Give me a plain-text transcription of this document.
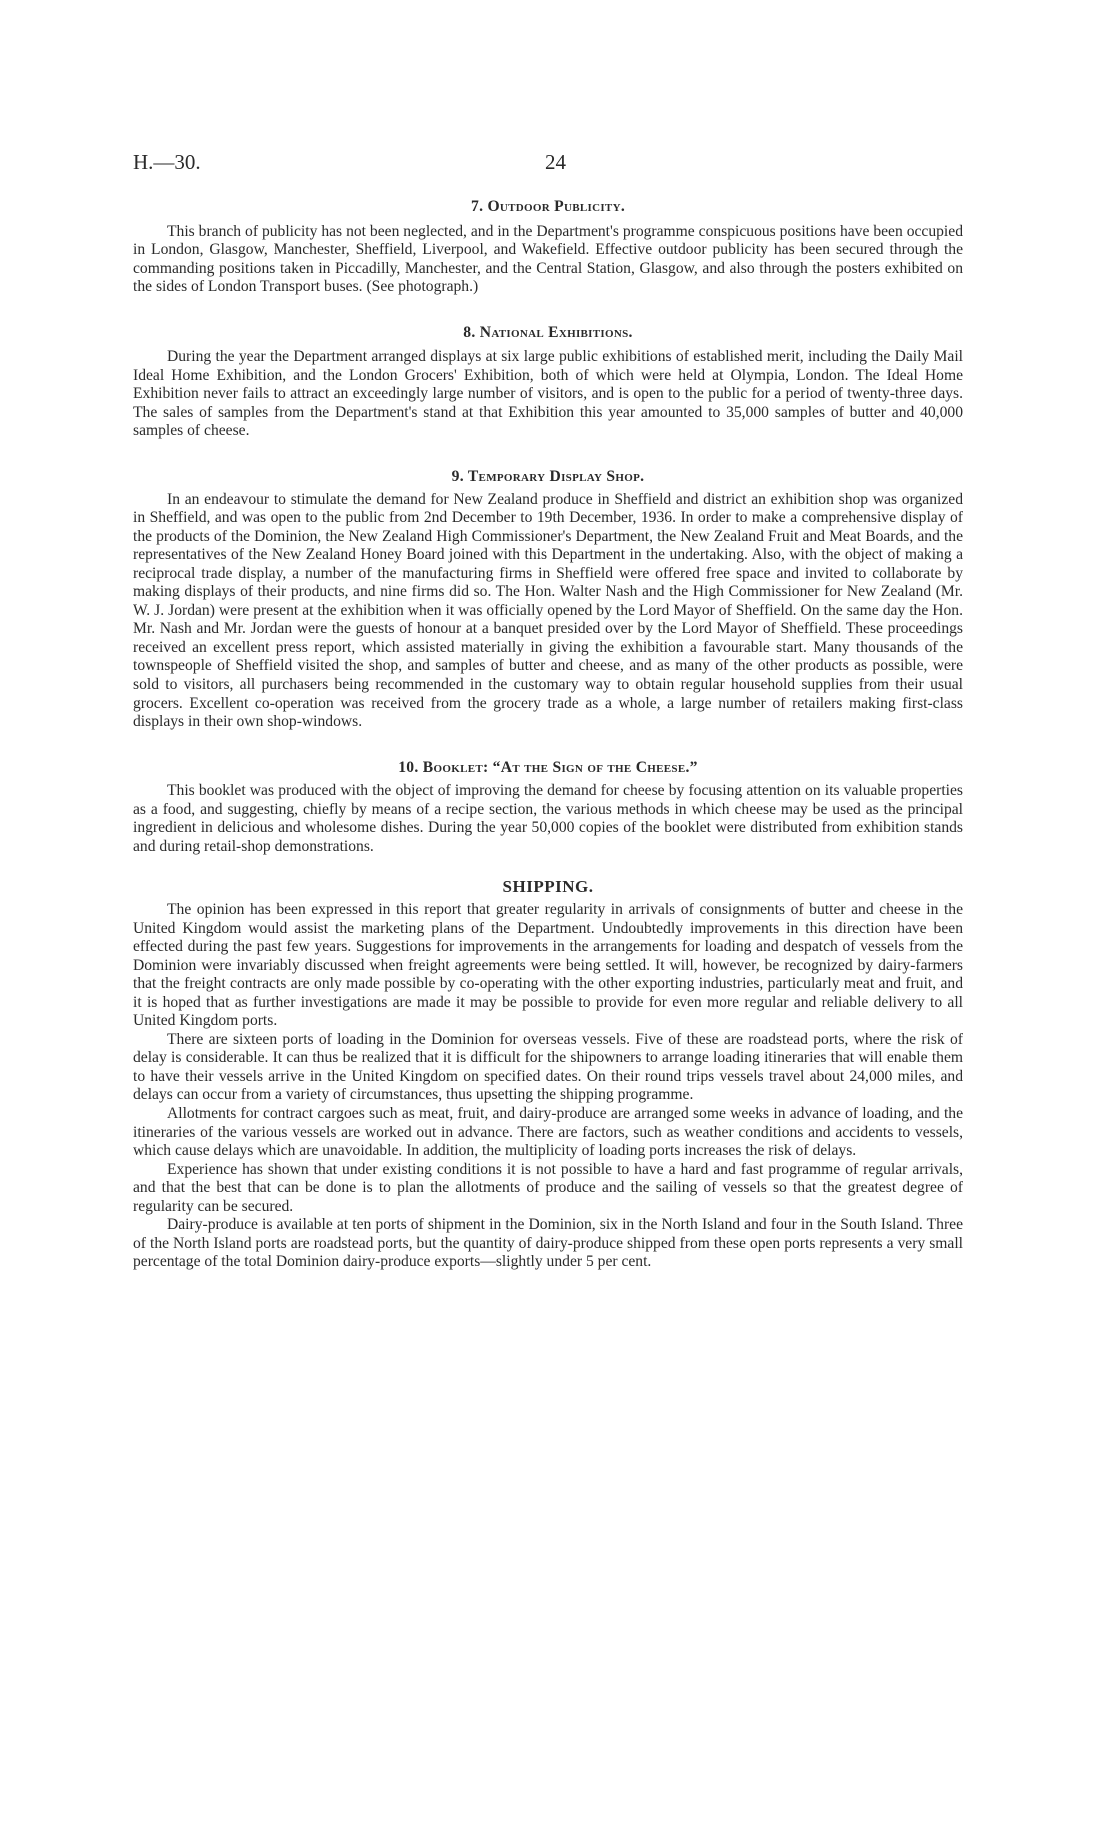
H.—30.	24
7. Outdoor Publicity.

This branch of publicity has not been neglected, and in the Department's programme conspicuous positions have been occupied in London, Glasgow, Manchester, Sheffield, Liverpool, and Wakefield. Effective outdoor publicity has been secured through the commanding positions taken in Piccadilly, Manchester, and the Central Station, Glasgow, and also through the posters exhibited on the sides of London Transport buses. (See photograph.)

8. National Exhibitions.

During the year the Department arranged displays at six large public exhibitions of established merit, including the Daily Mail Ideal Home Exhibition, and the London Grocers' Exhibition, both of which were held at Olympia, London. The Ideal Home Exhibition never fails to attract an exceedingly large number of visitors, and is open to the public for a period of twenty-three days. The sales of samples from the Department's stand at that Exhibition this year amounted to 35,000 samples of butter and 40,000 samples of cheese.

9. Temporary Display Shop.

In an endeavour to stimulate the demand for New Zealand produce in Sheffield and district an exhibition shop was organized in Sheffield, and was open to the public from 2nd December to 19th December, 1936. In order to make a comprehensive display of the products of the Dominion, the New Zealand High Commissioner's Department, the New Zealand Fruit and Meat Boards, and the representatives of the New Zealand Honey Board joined with this Department in the undertaking. Also, with the object of making a reciprocal trade display, a number of the manufacturing firms in Sheffield were offered free space and invited to collaborate by making displays of their products, and nine firms did so. The Hon. Walter Nash and the High Commissioner for New Zealand (Mr. W. J. Jordan) were present at the exhibition when it was officially opened by the Lord Mayor of Sheffield. On the same day the Hon. Mr. Nash and Mr. Jordan were the guests of honour at a banquet presided over by the Lord Mayor of Sheffield. These proceedings received an excellent press report, which assisted materially in giving the exhibition a favourable start. Many thousands of the townspeople of Sheffield visited the shop, and samples of butter and cheese, and as many of the other products as possible, were sold to visitors, all purchasers being recommended in the customary way to obtain regular household supplies from their usual grocers. Excellent co-operation was received from the grocery trade as a whole, a large number of retailers making first-class displays in their own shop-windows.

10. Booklet: “At the Sign of the Cheese.”

This booklet was produced with the object of improving the demand for cheese by focusing attention on its valuable properties as a food, and suggesting, chiefly by means of a recipe section, the various methods in which cheese may be used as the principal ingredient in delicious and wholesome dishes. During the year 50,000 copies of the booklet were distributed from exhibition stands and during retail-shop demonstrations.

SHIPPING.

The opinion has been expressed in this report that greater regularity in arrivals of consignments of butter and cheese in the United Kingdom would assist the marketing plans of the Department. Undoubtedly improvements in this direction have been effected during the past few years. Suggestions for improvements in the arrangements for loading and despatch of vessels from the Dominion were invariably discussed when freight agreements were being settled. It will, however, be recognized by dairy-farmers that the freight contracts are only made possible by co-operating with the other exporting industries, particularly meat and fruit, and it is hoped that as further investigations are made it may be possible to provide for even more regular and reliable delivery to all United Kingdom ports.

There are sixteen ports of loading in the Dominion for overseas vessels. Five of these are roadstead ports, where the risk of delay is considerable. It can thus be realized that it is difficult for the shipowners to arrange loading itineraries that will enable them to have their vessels arrive in the United Kingdom on specified dates. On their round trips vessels travel about 24,000 miles, and delays can occur from a variety of circumstances, thus upsetting the shipping programme.

Allotments for contract cargoes such as meat, fruit, and dairy-produce are arranged some weeks in advance of loading, and the itineraries of the various vessels are worked out in advance. There are factors, such as weather conditions and accidents to vessels, which cause delays which are unavoidable. In addition, the multiplicity of loading ports increases the risk of delays.

Experience has shown that under existing conditions it is not possible to have a hard and fast programme of regular arrivals, and that the best that can be done is to plan the allotments of produce and the sailing of vessels so that the greatest degree of regularity can be secured.

Dairy-produce is available at ten ports of shipment in the Dominion, six in the North Island and four in the South Island. Three of the North Island ports are roadstead ports, but the quantity of dairy-produce shipped from these open ports represents a very small percentage of the total Dominion dairy-produce exports—slightly under 5 per cent.
